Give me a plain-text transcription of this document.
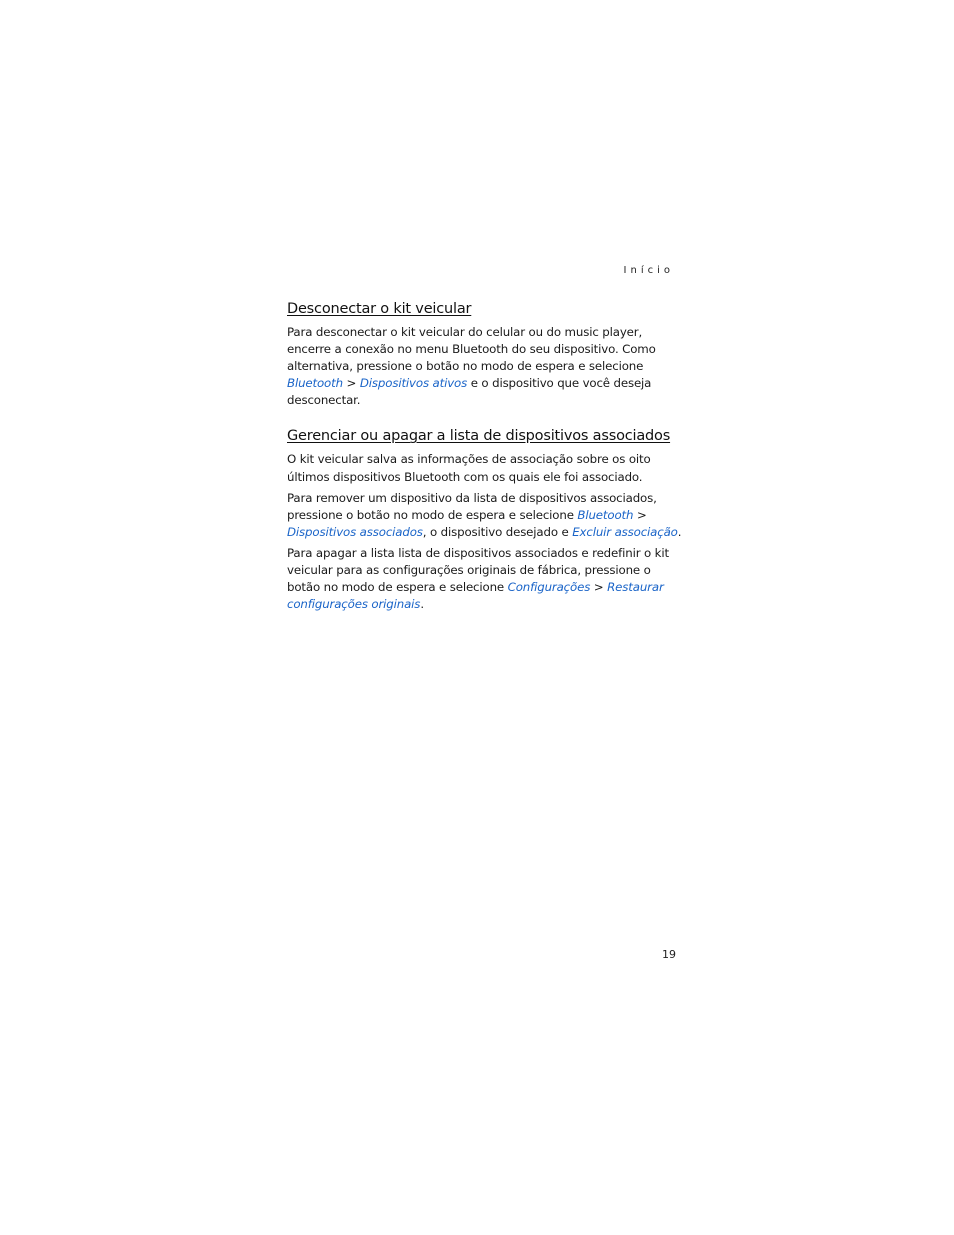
Início
Desconectar o kit veicular

Para desconectar o kit veicular do celular ou do music player, encerre a conexão no menu Bluetooth do seu dispositivo. Como alternativa, pressione o botão no modo de espera e selecione Bluetooth > Dispositivos ativos e o dispositivo que você deseja desconectar.

Gerenciar ou apagar a lista de dispositivos associados

O kit veicular salva as informações de associação sobre os oito últimos dispositivos Bluetooth com os quais ele foi associado.

Para remover um dispositivo da lista de dispositivos associados, pressione o botão no modo de espera e selecione Bluetooth > Dispositivos associados, o dispositivo desejado e Excluir associação.

Para apagar a lista lista de dispositivos associados e redefinir o kit veicular para as configurações originais de fábrica, pressione o botão no modo de espera e selecione Configurações > Restaurar configurações originais.

19
